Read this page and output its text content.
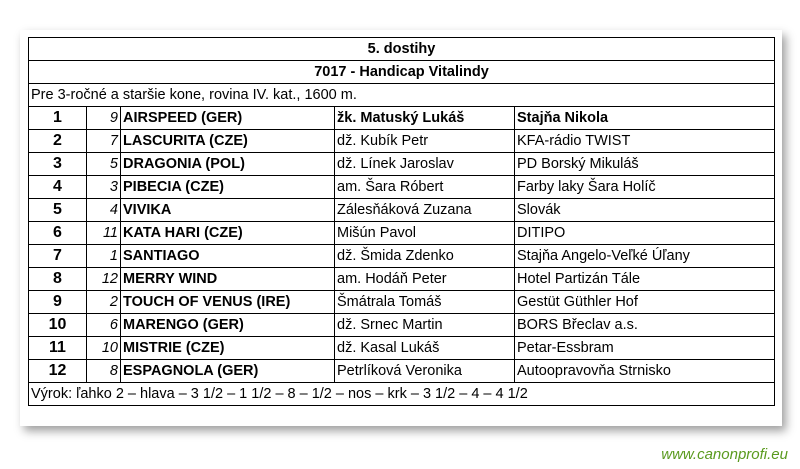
5. dostihy				
7017 - Handicap Vitalindy				
Pre 3-ročné a staršie kone, rovina IV. kat., 1600 m.				
1	9	AIRSPEED (GER)	žk. Matuský Lukáš	Stajňa Nikola
2	7	LASCURITA (CZE)	dž. Kubík Petr	KFA-rádio TWIST
3	5	DRAGONIA (POL)	dž. Línek Jaroslav	PD Borský Mikuláš
4	3	PIBECIA (CZE)	am. Šara Róbert	Farby laky Šara Holíč
5	4	VIVIKA	Zálesňáková Zuzana	Slovák
6	11	KATA HARI (CZE)	Mišún Pavol	DITIPO
7	1	SANTIAGO	dž. Šmida Zdenko	Stajňa Angelo-Veľké Úľany
8	12	MERRY WIND	am. Hodáň Peter	Hotel Partizán Tále
9	2	TOUCH OF VENUS (IRE)	Šmátrala Tomáš	Gestüt Güthler Hof
10	6	MARENGO (GER)	dž. Srnec Martin	BORS Břeclav a.s.
11	10	MISTRIE (CZE)	dž. Kasal Lukáš	Petar-Essbram
12	8	ESPAGNOLA (GER)	Petrlíková Veronika	Autoopravovňa Strnisko
Výrok: ľahko 2 – hlava – 3 1/2 – 1 1/2 – 8 – 1/2 – nos – krk – 3 1/2 – 4 – 4 1/2				
www.canonprofi.eu
